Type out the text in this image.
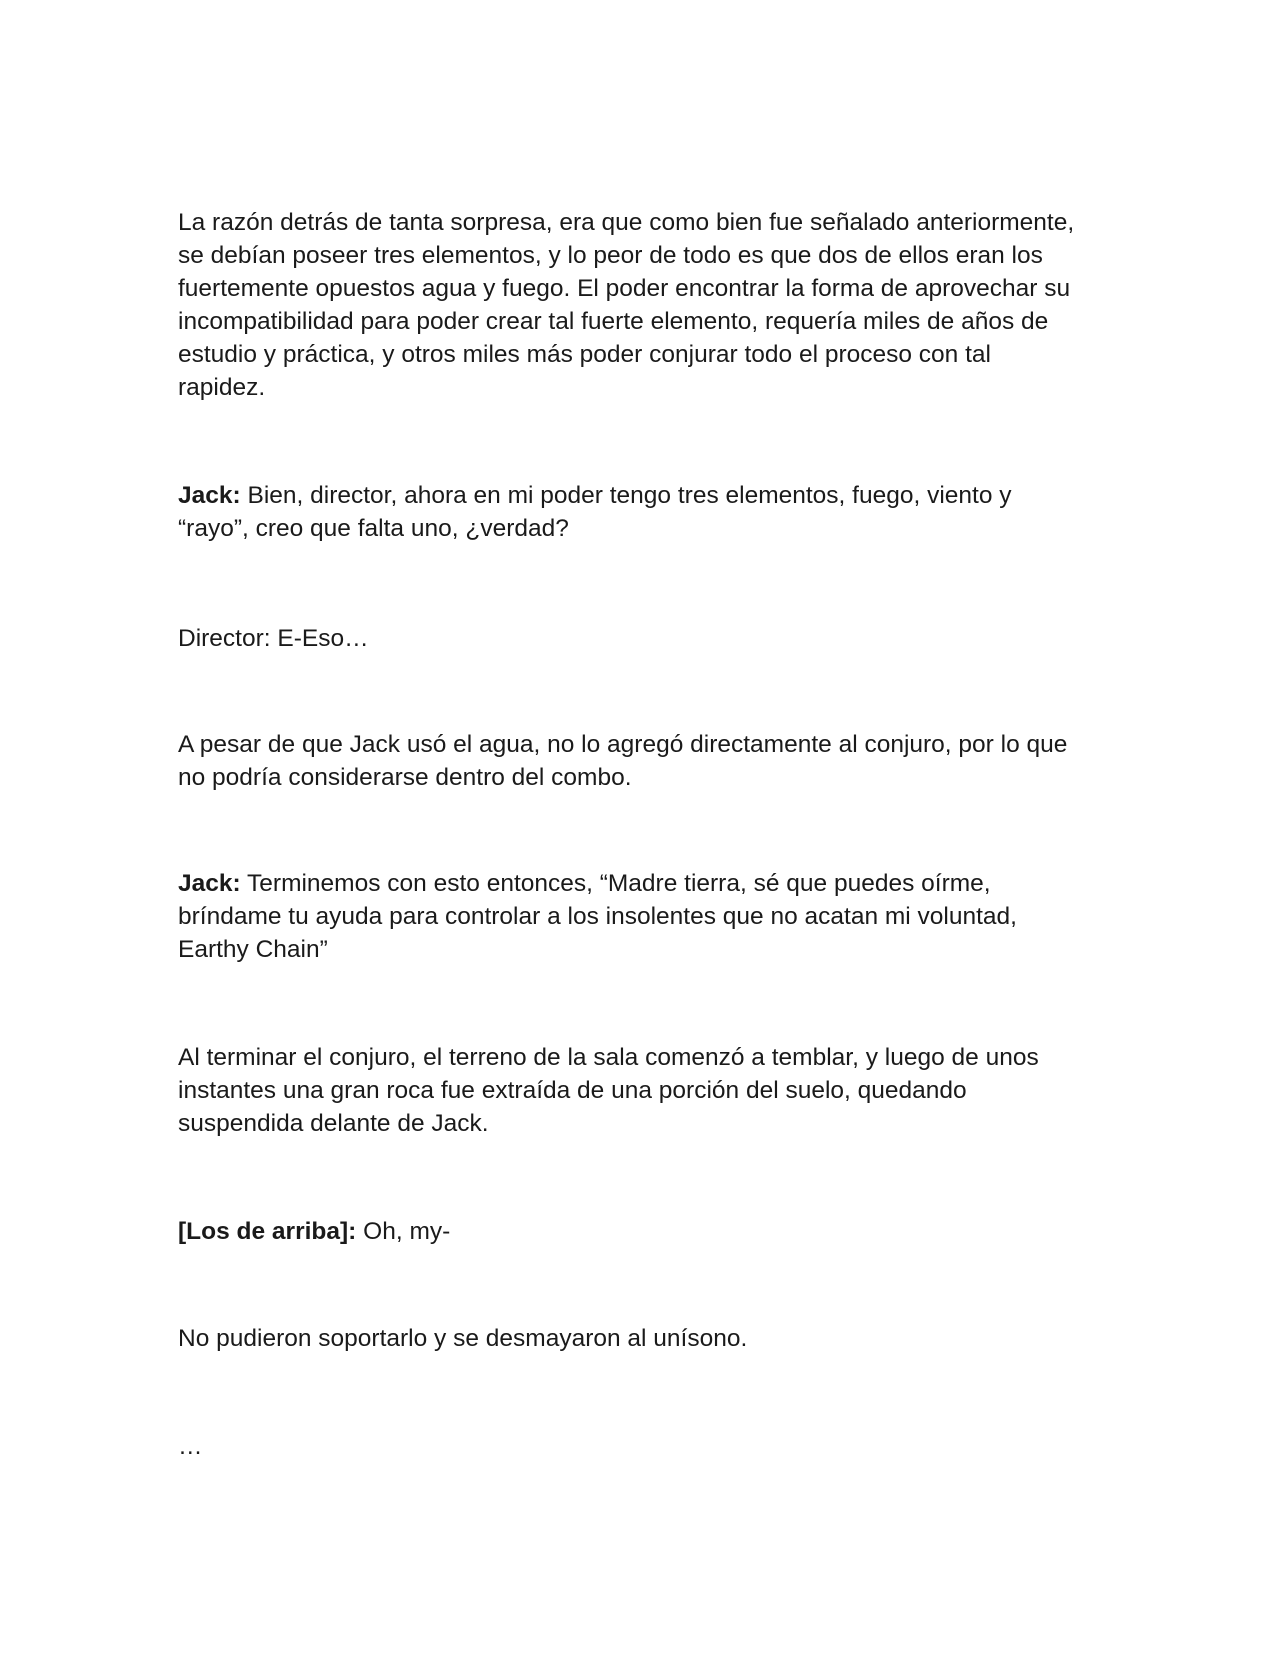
La razón detrás de tanta sorpresa, era que como bien fue señalado anteriormente,
se debían poseer tres elementos, y lo peor de todo es que dos de ellos eran los
fuertemente opuestos agua y fuego. El poder encontrar la forma de aprovechar su
incompatibilidad para poder crear tal fuerte elemento, requería miles de años de
estudio y práctica, y otros miles más poder conjurar todo el proceso con tal
rapidez.

Jack: Bien, director, ahora en mi poder tengo tres elementos, fuego, viento y
“rayo”, creo que falta uno, ¿verdad?

Director: E-Eso…

A pesar de que Jack usó el agua, no lo agregó directamente al conjuro, por lo que
no podría considerarse dentro del combo.

Jack: Terminemos con esto entonces, “Madre tierra, sé que puedes oírme,
bríndame tu ayuda para controlar a los insolentes que no acatan mi voluntad,
Earthy Chain”

Al terminar el conjuro, el terreno de la sala comenzó a temblar, y luego de unos
instantes una gran roca fue extraída de una porción del suelo, quedando
suspendida delante de Jack.

[Los de arriba]: Oh, my-

No pudieron soportarlo y se desmayaron al unísono.

…
